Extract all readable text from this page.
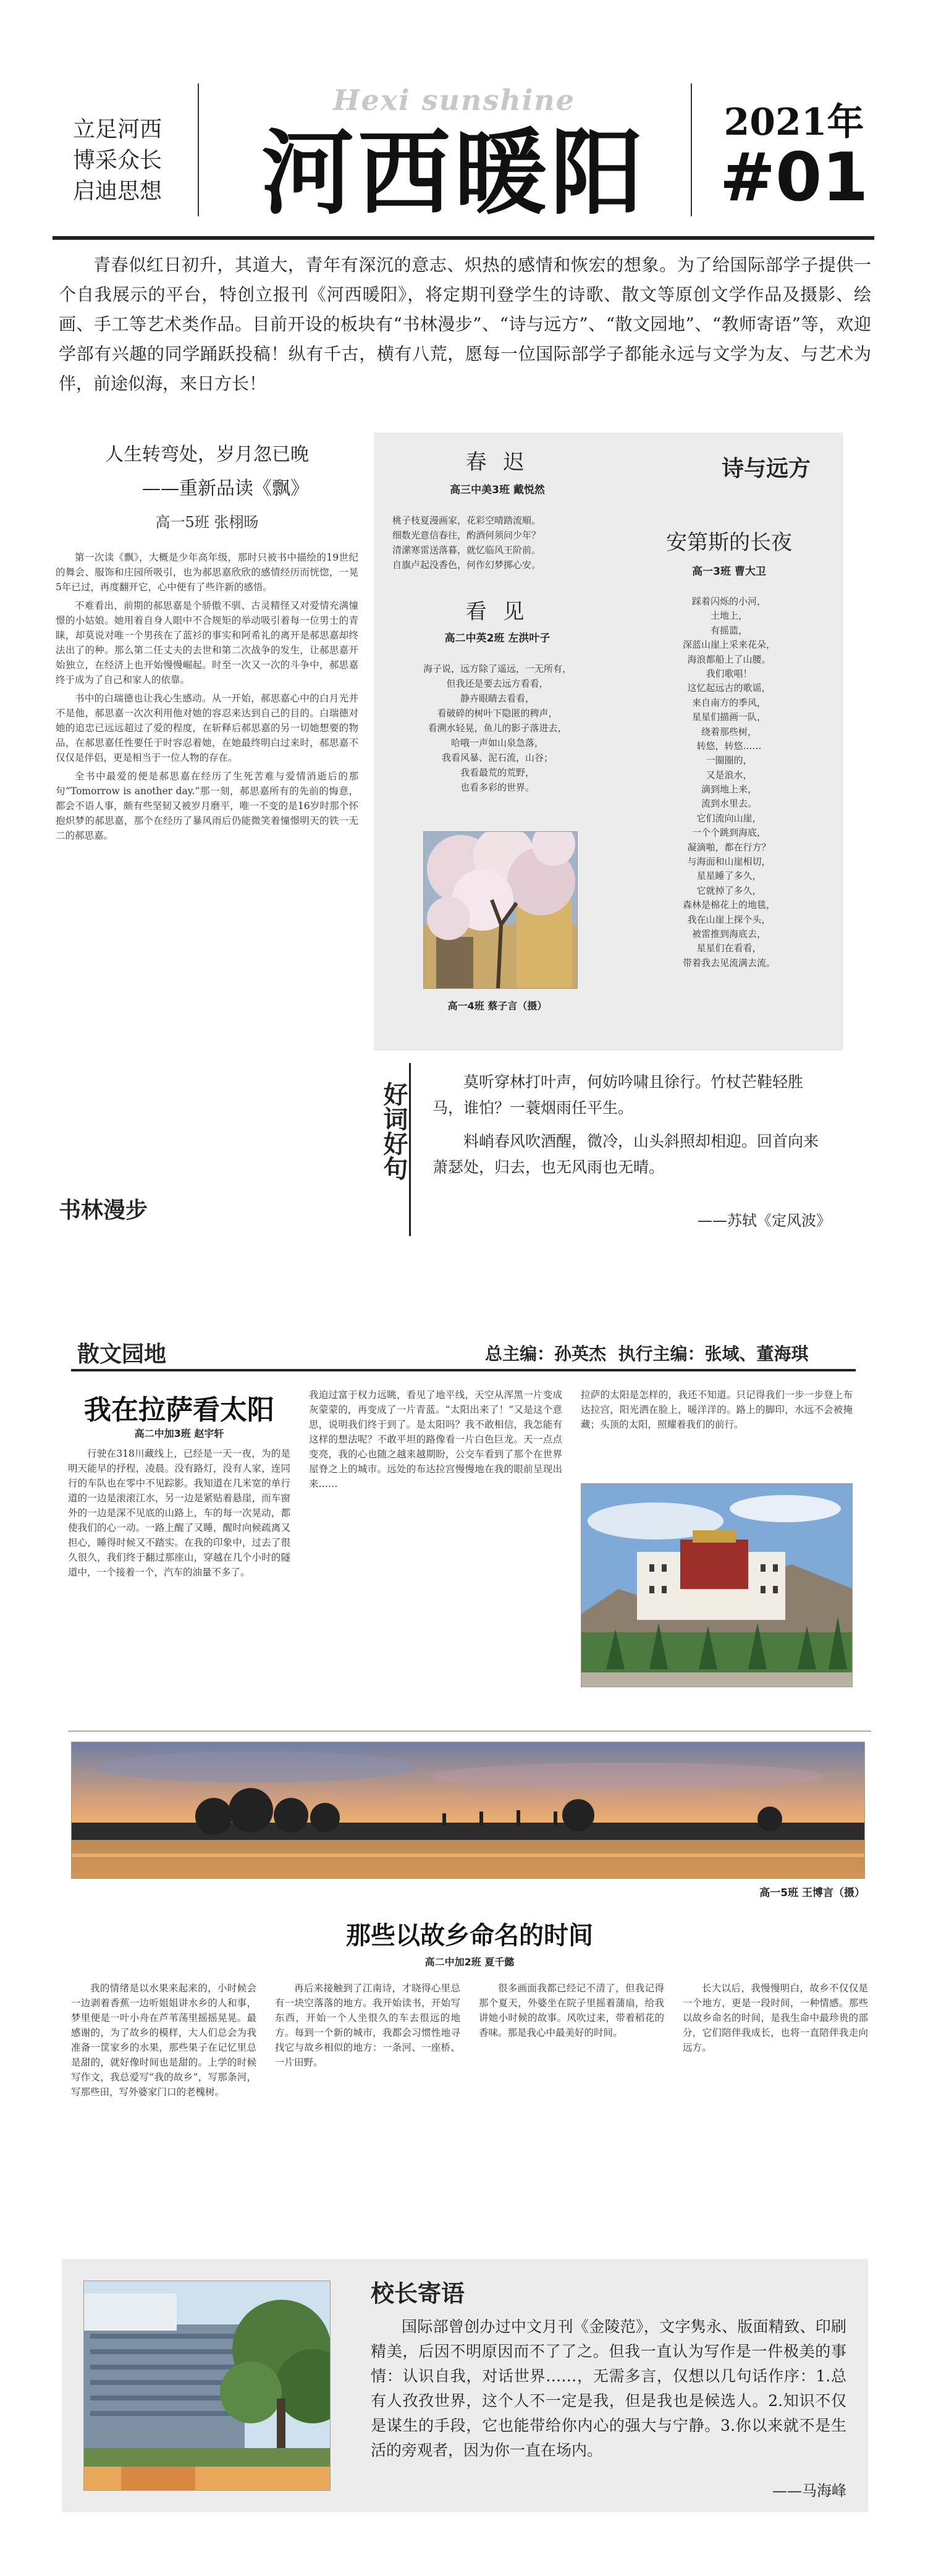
立足河西
博采众长
启迪思想
Hexi sunshine
河西暖阳	2021年
#01
青春似红日初升，其道大，青年有深沉的意志、炽热的感情和恢宏的想象。为了给国际部学子提供一个自我展示的平台，特创立报刊《河西暖阳》，将定期刊登学生的诗歌、散文等原创文学作品及摄影、绘画、手工等艺术类作品。目前开设的板块有“书林漫步”、“诗与远方”、“散文园地”、“教师寄语”等，欢迎学部有兴趣的同学踊跃投稿！纵有千古，横有八荒，愿每一位国际部学子都能永远与文学为友、与艺术为伴，前途似海，来日方长！
人生转弯处，岁月忽已晚
——重新品读《飘》
高一5班 张栩旸

第一次读《飘》，大概是少年高年级，那时只被书中描绘的19世纪的舞会、服饰和庄园所吸引，也为郝思嘉欣欣的感情经历而恍惚，一晃5年已过，再度翻开它，心中便有了些许新的感悟。

不难看出，前期的郝思嘉是个骄傲不驯、古灵精怪又对爱情充满憧憬的小姑娘。她用着自身人眼中不合规矩的举动吸引着每一位男士的青睐，却莫说对唯一个男孩在了蓝衫的事实和阿希礼的离开是郝思嘉却终法出了的种。那么第二任丈夫的去世和第二次战争的发生，让郝思嘉开始独立，在经济上也开始慢慢崛起。时至一次又一次的斗争中，郝思嘉终于成为了自己和家人的依靠。

书中的白瑞德也让我心生感动。从一开始，郝思嘉心中的白月光并不是他，郝思嘉一次次利用他对她的容忍来达到自己的目的。白瑞德对她的追忠已远远超过了爱的程度，在斩释后郝思嘉的另一切她想要的物品，在郝思嘉任性要任于时容忍着她，在她最终明白过来时，郝思嘉不仅仅是伴侣，更是相当于一位人物的存在。

全书中最爱的便是郝思嘉在经历了生死苦难与爱情消逝后的那句“Tomorrow is another day.”那一刻，郝思嘉所有的先前的悔意，都会不语人事，颇有些坚韧又被岁月磨平，唯一不变的是16岁时那个怀抱炽梦的郝思嘉，那个在经历了暴风雨后仍能微笑着憧憬明天的铁一无二的郝思嘉。

书林漫步
春 迟
高三中美3班 戴悦然
桃子枝夏漫画家，花彩空晴踏流順。
细数光意信春往，酌酒何须问少年？
清潆寒雷送落暮，就忆临风王阶前。
自旗卢起没香色，何作幻梦掷心安。
看 见
高二中英2班 左洪叶子
海子说，远方除了遥远，一无所有，
但我还是要去远方看看，
静卉眼睛去看看，
看破碎的树叶下隐匿的稗声，
看溯水轻晃，鱼儿的影子落进去，
哈哦一声如山泉急落，
我看风暴、泥石流，山谷；
我看最荒的荒野，
也看多彩的世界。
高一4班 蔡子言（摄）
诗与远方
安第斯的长夜
高一3班 曹大卫
踩着闪烁的小河，
土地上，
有摇篮，
深蓝山崖上采来花朵，
海浪都船上了山腰。
我们歌唱！
这忆起远古的歌谣，
来自南方的季风，
星星们描画一队，
绕着那些树，
转悠，转悠……
一圈圈的，
又是浪水，
滴到地上来，
流到水里去。
它们流向山崖，
一个个跳到海底，
凝滴啪，都在行方？
与海面和山崖相切，
星星睡了多久，
它就掉了多久，
森林是棉花上的地毯，
我在山崖上探个头，
被雷推到海底去，
星星们在看看，
带着我去见流满去流。
好词好句	莫听穿林打叶声，何妨吟啸且徐行。竹杖芒鞋轻胜马，谁怕？一蓑烟雨任平生。
料峭春风吹酒醒，微冷，山头斜照却相迎。回首向来萧瑟处，归去，也无风雨也无晴。
——苏轼《定风波》
散文园地	总主编：孙英杰  执行主编：张域、董海琪
我在拉萨看太阳
高二中加3班 赵宇轩
行驶在318川藏线上，已经是一天一夜，为的是明天能早的抒程，凌晨。没有路灯，没有人家，连同行的车队也在零中不见踪影。我知道在几米宽的单行道的一边是滚滚江水，另一边是紧贴着悬崖，而车窗外的一边是深不见底的山路上，车的每一次晃动，都使我们的心一动。一路上醒了又睡，醒时向候疏离又担心，睡得时候又不踏实。在我的印象中，过去了很久很久，我们终于翻过那座山，穿越在几个小时的隧道中，一个接着一个，汽车的油量不多了。
我迫过富于权力远眺，看见了地平线，天空从浑黑一片变成灰蒙蒙的，再变成了一片青蓝。“太阳出来了！”又是这个意思，说明我们终于到了。是太阳吗？我不敢相信，我怎能有这样的想法呢？不敢平坦的路像看一片白色巨龙。天一点点变亮，我的心也随之越来越期盼，公交车看到了那个在世界屋脊之上的城市。远处的布达拉宫慢慢地在我的眼前呈现出来……
拉萨的太阳是怎样的，我还不知道。只记得我们一步一步登上布达拉宫，阳光洒在脸上，暖洋洋的。路上的脚印，水远不会被掩藏；头顶的太阳，照耀着我们的前行。
高一5班 王博言（摄）
那些以故乡命名的时间
高二中加2班 夏千懿
我的情绪是以水果来起来的，小时候会一边剥着香蕉一边听姐姐讲水乡的人和事，梦里便是一叶小舟在芦苇荡里摇摇晃晃。最感谢的，为了故乡的模样，大人们总会为我准备一筐家乡的水果，那些果子在记忆里总是甜的，就好像时间也是甜的。上学的时候写作文，我总爱写“我的故乡”，写那条河，写那些田，写外婆家门口的老槐树。
再后来接触到了江南诗，才晓得心里总有一块空落落的地方。我开始读书，开始写东西，开始一个人坐很久的车去很远的地方。每到一个新的城市，我都会习惯性地寻找它与故乡相似的地方：一条河、一座桥、一片田野。
很多画面我都已经记不清了，但我记得那个夏天，外婆坐在院子里摇着蒲扇，给我讲她小时候的故事。风吹过来，带着稻花的香味。那是我心中最美好的时间。
长大以后，我慢慢明白，故乡不仅仅是一个地方，更是一段时间，一种情感。那些以故乡命名的时间，是我生命中最珍贵的部分，它们陪伴我成长，也将一直陪伴我走向远方。
校长寄语
国际部曾创办过中文月刊《金陵范》，文字隽永、版面精致、印刷精美，后因不明原因而不了了之。但我一直认为写作是一件极美的事情：认识自我，对话世界……，无需多言，仅想以几句话作序：1.总有人孜孜世界，这个人不一定是我，但是我也是候选人。2.知识不仅是谋生的手段，它也能带给你内心的强大与宁静。3.你以来就不是生活的旁观者，因为你一直在场内。
——马海峰
